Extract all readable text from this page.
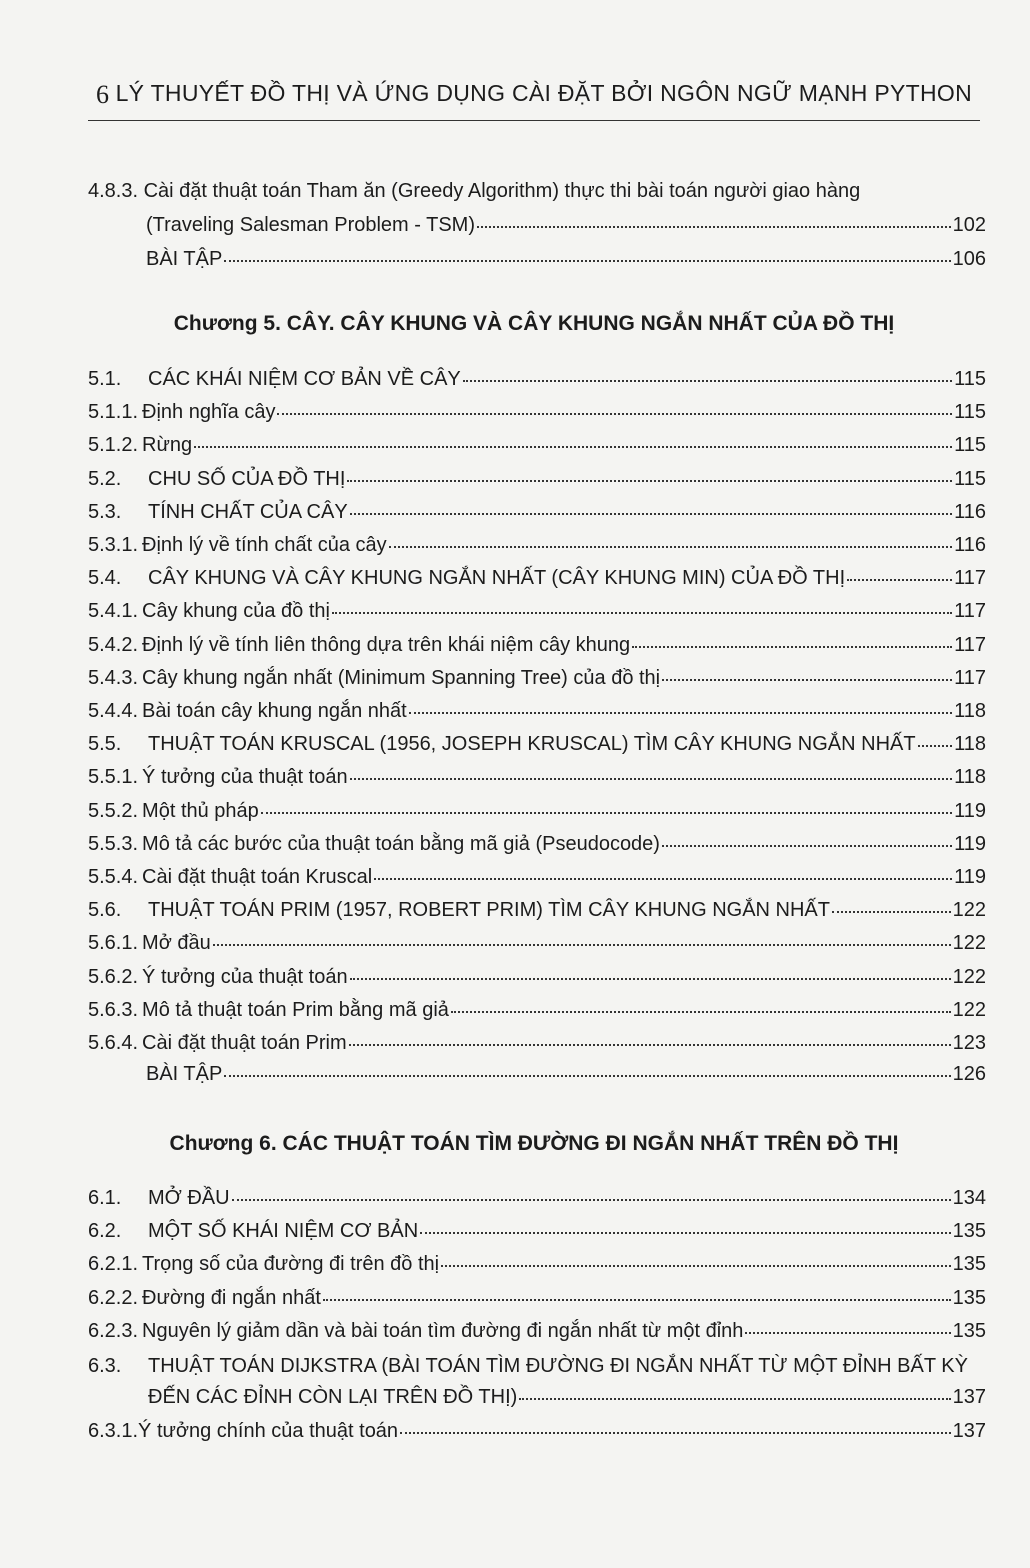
6 LÝ THUYẾT ĐỒ THỊ VÀ ỨNG DỤNG CÀI ĐẶT BỞI NGÔN NGỮ MẠNH PYTHON
4.8.3. Cài đặt thuật toán Tham ăn (Greedy Algorithm) thực thi bài toán người giao hàng
(Traveling Salesman Problem - TSM)	102
BÀI TẬP	106
Chương 5. CÂY. CÂY KHUNG VÀ CÂY KHUNG NGẮN NHẤT CỦA ĐỒ THỊ
5.1.	CÁC KHÁI NIỆM CƠ BẢN VỀ CÂY	115
5.1.1. Định nghĩa cây	115
5.1.2. Rừng	115
5.2.	CHU SỐ CỦA ĐỒ THỊ	115
5.3.	TÍNH CHẤT CỦA CÂY	116
5.3.1. Định lý về tính chất của cây	116
5.4.	CÂY KHUNG VÀ CÂY KHUNG NGẮN NHẤT (CÂY KHUNG MIN) CỦA ĐỒ THỊ	117
5.4.1. Cây khung của đồ thị	117
5.4.2. Định lý về tính liên thông dựa trên khái niệm cây khung	117
5.4.3. Cây khung ngắn nhất (Minimum Spanning Tree) của đồ thị	117
5.4.4. Bài toán cây khung ngắn nhất	118
5.5.	THUẬT TOÁN KRUSCAL (1956, JOSEPH KRUSCAL) TÌM CÂY KHUNG NGẮN NHẤT 118
5.5.1. Ý tưởng của thuật toán	118
5.5.2. Một thủ pháp	119
5.5.3. Mô tả các bước của thuật toán bằng mã giả (Pseudocode)	119
5.5.4. Cài đặt thuật toán Kruscal	119
5.6.	THUẬT TOÁN PRIM (1957, ROBERT PRIM) TÌM CÂY KHUNG NGẮN NHẤT	122
5.6.1. Mở đầu	122
5.6.2. Ý tưởng của thuật toán	122
5.6.3. Mô tả thuật toán Prim bằng mã giả	122
5.6.4. Cài đặt thuật toán Prim	123
BÀI TẬP	126
Chương 6. CÁC THUẬT TOÁN TÌM ĐƯỜNG ĐI NGẮN NHẤT TRÊN ĐỒ THỊ
6.1.	MỞ ĐẦU	134
6.2.	MỘT SỐ KHÁI NIỆM CƠ BẢN	135
6.2.1. Trọng số của đường đi trên đồ thị	135
6.2.2. Đường đi ngắn nhất	135
6.2.3. Nguyên lý giảm dần và bài toán tìm đường đi ngắn nhất từ một đỉnh	135
6.3.	THUẬT TOÁN DIJKSTRA (BÀI TOÁN TÌM ĐƯỜNG ĐI NGẮN NHẤT TỪ MỘT ĐỈNH BẤT KỲ
ĐẾN CÁC ĐỈNH CÒN LẠI TRÊN ĐỒ THỊ)	137
6.3.1. Ý tưởng chính của thuật toán	137
